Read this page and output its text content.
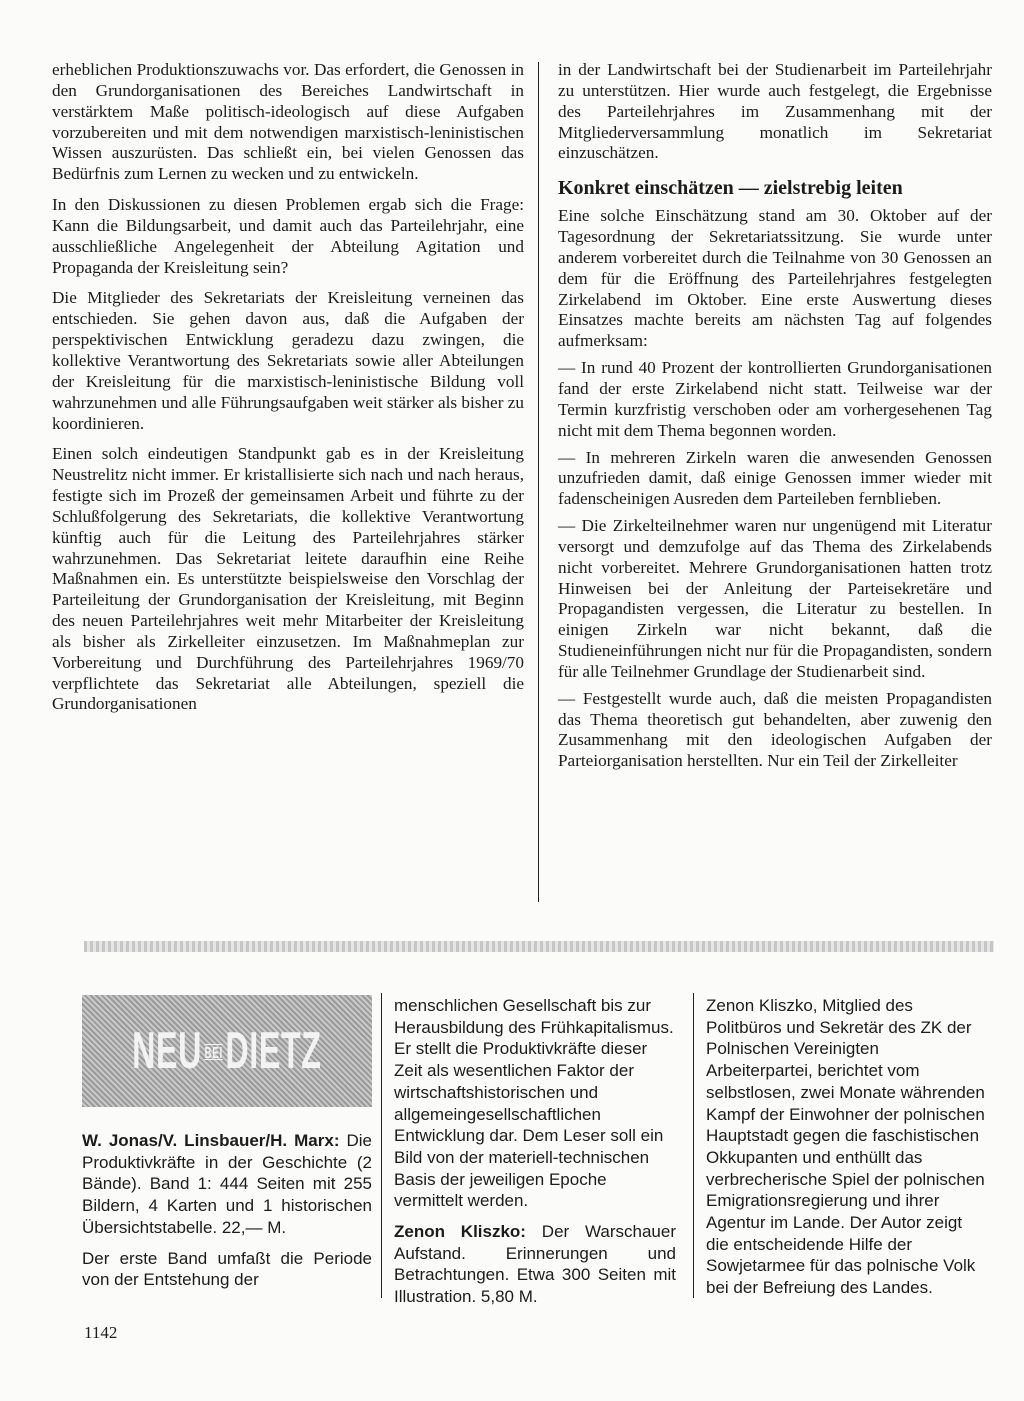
erheblichen Produktionszuwachs vor. Das erfordert, die Genossen in den Grundorganisationen des Bereiches Landwirtschaft in verstärktem Maße politisch-ideologisch auf diese Aufgaben vorzubereiten und mit dem notwendigen marxistisch-leninistischen Wissen auszurüsten. Das schließt ein, bei vielen Genossen das Bedürfnis zum Lernen zu wecken und zu entwickeln.

In den Diskussionen zu diesen Problemen ergab sich die Frage: Kann die Bildungsarbeit, und damit auch das Parteilehrjahr, eine ausschließliche Angelegenheit der Abteilung Agitation und Propaganda der Kreisleitung sein?

Die Mitglieder des Sekretariats der Kreisleitung verneinen das entschieden. Sie gehen davon aus, daß die Aufgaben der perspektivischen Entwicklung geradezu dazu zwingen, die kollektive Verantwortung des Sekretariats sowie aller Abteilungen der Kreisleitung für die marxistisch-leninistische Bildung voll wahrzunehmen und alle Führungsaufgaben weit stärker als bisher zu koordinieren.

Einen solch eindeutigen Standpunkt gab es in der Kreisleitung Neustrelitz nicht immer. Er kristallisierte sich nach und nach heraus, festigte sich im Prozeß der gemeinsamen Arbeit und führte zu der Schlußfolgerung des Sekretariats, die kollektive Verantwortung künftig auch für die Leitung des Parteilehrjahres stärker wahrzunehmen. Das Sekretariat leitete daraufhin eine Reihe Maßnahmen ein. Es unterstützte beispielsweise den Vorschlag der Parteileitung der Grundorganisation der Kreisleitung, mit Beginn des neuen Parteilehrjahres weit mehr Mitarbeiter der Kreisleitung als bisher als Zirkelleiter einzusetzen. Im Maßnahmeplan zur Vorbereitung und Durchführung des Parteilehrjahres 1969/70 verpflichtete das Sekretariat alle Abteilungen, speziell die Grundorganisationen

in der Landwirtschaft bei der Studienarbeit im Parteilehrjahr zu unterstützen. Hier wurde auch festgelegt, die Ergebnisse des Parteilehrjahres im Zusammenhang mit der Mitgliederversammlung monatlich im Sekretariat einzuschätzen.

Konkret einschätzen — zielstrebig leiten

Eine solche Einschätzung stand am 30. Oktober auf der Tagesordnung der Sekretariatssitzung. Sie wurde unter anderem vorbereitet durch die Teilnahme von 30 Genossen an dem für die Eröffnung des Parteilehrjahres festgelegten Zirkelabend im Oktober. Eine erste Auswertung dieses Einsatzes machte bereits am nächsten Tag auf folgendes aufmerksam:

— In rund 40 Prozent der kontrollierten Grundorganisationen fand der erste Zirkelabend nicht statt. Teilweise war der Termin kurzfristig verschoben oder am vorhergesehenen Tag nicht mit dem Thema begonnen worden.

— In mehreren Zirkeln waren die anwesenden Genossen unzufrieden damit, daß einige Genossen immer wieder mit fadenscheinigen Ausreden dem Parteileben fernblieben.

— Die Zirkelteilnehmer waren nur ungenügend mit Literatur versorgt und demzufolge auf das Thema des Zirkelabends nicht vorbereitet. Mehrere Grundorganisationen hatten trotz Hinweisen bei der Anleitung der Parteisekretäre und Propagandisten vergessen, die Literatur zu bestellen. In einigen Zirkeln war nicht bekannt, daß die Studieneinführungen nicht nur für die Propagandisten, sondern für alle Teilnehmer Grundlage der Studienarbeit sind.

— Festgestellt wurde auch, daß die meisten Propagandisten das Thema theoretisch gut behandelten, aber zuwenig den Zusammenhang mit den ideologischen Aufgaben der Parteiorganisation herstellten. Nur ein Teil der Zirkelleiter

NEU BEIDIETZ

W. Jonas/V. Linsbauer/H. Marx: Die Produktivkräfte in der Geschichte (2 Bände). Band 1: 444 Seiten mit 255 Bildern, 4 Karten und 1 historischen Übersichtstabelle. 22,— M.

Der erste Band umfaßt die Periode von der Entstehung der

menschlichen Gesellschaft bis zur Herausbildung des Frühkapitalismus. Er stellt die Produktivkräfte dieser Zeit als wesentlichen Faktor der wirtschaftshistorischen und allgemeingesellschaftlichen Entwicklung dar. Dem Leser soll ein Bild von der materiell-technischen Basis der jeweiligen Epoche vermittelt werden.

Zenon Kliszko: Der Warschauer Aufstand. Erinnerungen und Betrachtungen. Etwa 300 Seiten mit Illustration. 5,80 M.

Zenon Kliszko, Mitglied des Politbüros und Sekretär des ZK der Polnischen Vereinigten Arbeiterpartei, berichtet vom selbstlosen, zwei Monate währenden Kampf der Einwohner der polnischen Hauptstadt gegen die faschistischen Okkupanten und enthüllt das verbrecherische Spiel der polnischen Emigrationsregierung und ihrer Agentur im Lande. Der Autor zeigt die entscheidende Hilfe der Sowjetarmee für das polnische Volk bei der Befreiung des Landes.

1142
